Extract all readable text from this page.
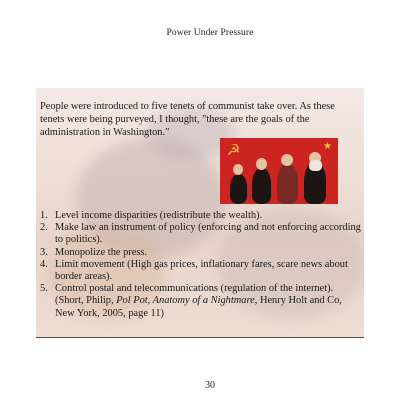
Power Under Pressure

People were introduced to five tenets of communist take over. As these tenets were being purveyed, I thought, "these are the goals of the administration in Washington."

☭	★
1. Level income disparities (redistribute the wealth).
2. Make law an instrument of policy (enforcing and not enforcing according to politics).
3. Monopolize the press.
4. Limit movement (High gas prices, inflationary fares, scare news about border areas).
5. Control postal and telecommunications (regulation of the internet). (Short, Philip, Pol Pot, Anatomy of a Nightmare, Henry Holt and Co, New York, 2005, page 11)
30
